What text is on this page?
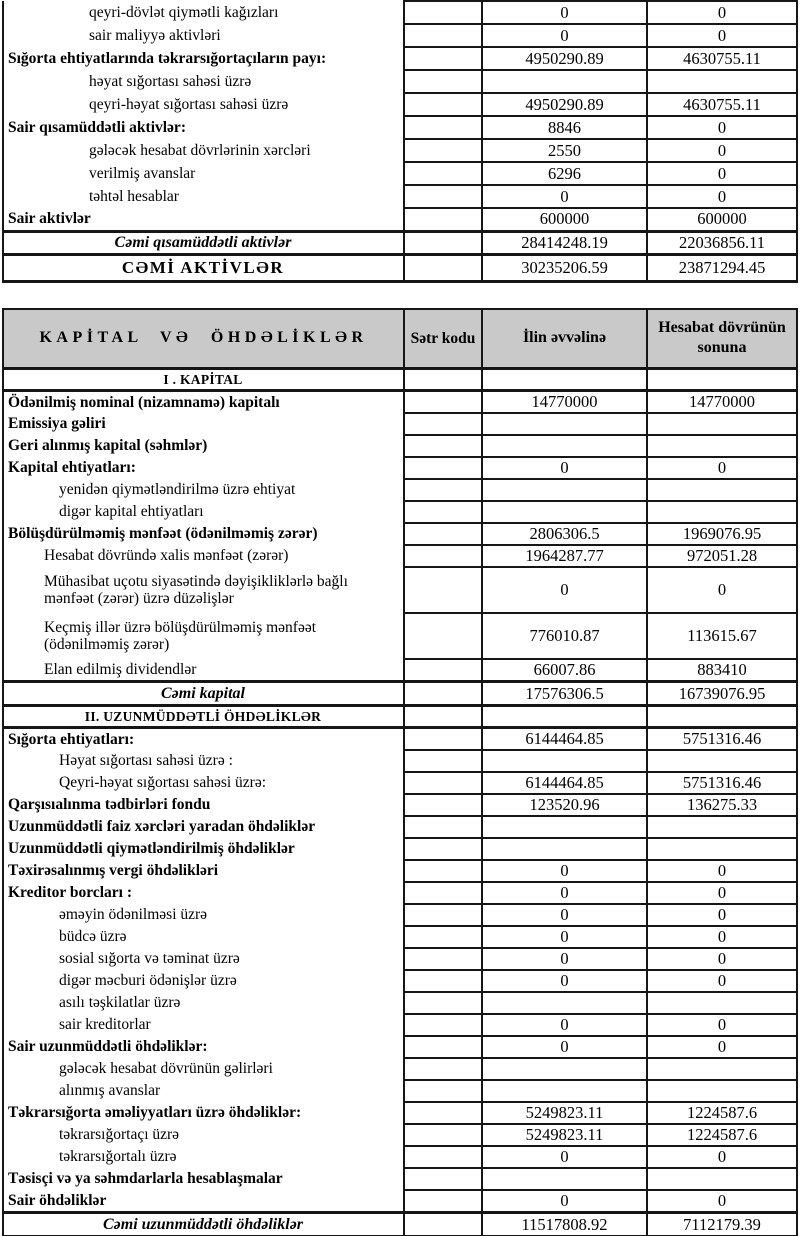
qeyri-dövlət qiymətli kağızları		0	0
sair maliyyə aktivləri		0	0
Sığorta ehtiyatlarında təkrarsığortaçıların payı:		4950290.89	4630755.11
həyat sığortası sahəsi üzrə			
qeyri-həyat sığortası sahəsi üzrə		4950290.89	4630755.11
Sair qısamüddətli aktivlər:		8846	0
gələcək hesabat dövrlərinin xərcləri		2550	0
verilmiş avanslar		6296	0
təhtəl hesablar		0	0
Sair aktivlər		600000	600000
Cəmi qısamüddətli aktivlər		28414248.19	22036856.11
CƏMİ AKTİVLƏR		30235206.59	23871294.45
KAPİTAL VƏ ÖHDƏLİKLƏR	Sətr kodu	İlin əvvəlinə	Hesabat dövrünün sonuna
I . KAPİTAL			
Ödənilmiş nominal (nizamnamə) kapitalı		14770000	14770000
Emissiya gəliri			
Geri alınmış kapital (səhmlər)			
Kapital ehtiyatları:		0	0
yenidən qiymətləndirilmə üzrə ehtiyat			
digər kapital ehtiyatları			
Bölüşdürülməmiş mənfəət (ödənilməmiş zərər)		2806306.5	1969076.95
Hesabat dövründə xalis mənfəət (zərər)		1964287.77	972051.28
Mühasibat uçotu siyasətində dəyişikliklərlə bağlı mənfəət (zərər) üzrə düzəlişlər		0	0
Keçmiş illər üzrə bölüşdürülməmiş mənfəət (ödənilməmiş zərər)		776010.87	113615.67
Elan edilmiş dividendlər		66007.86	883410
Cəmi kapital		17576306.5	16739076.95
II. UZUNMÜDDƏTLİ ÖHDƏLİKLƏR			
Sığorta ehtiyatları:		6144464.85	5751316.46
Həyat sığortası sahəsi üzrə :			
Qeyri-həyat sığortası sahəsi üzrə:		6144464.85	5751316.46
Qarşısıalınma tədbirləri fondu		123520.96	136275.33
Uzunmüddətli faiz xərcləri yaradan öhdəliklər			
Uzunmüddətli qiymətləndirilmiş öhdəliklər			
Təxirəsalınmış vergi öhdəlikləri		0	0
Kreditor borcları :		0	0
əməyin ödənilməsi üzrə		0	0
büdcə üzrə		0	0
sosial sığorta və təminat üzrə		0	0
digər məcburi ödənişlər üzrə		0	0
asılı təşkilatlar üzrə			
sair kreditorlar		0	0
Sair uzunmüddətli öhdəliklər:		0	0
gələcək hesabat dövrünün gəlirləri			
alınmış avanslar			
Təkrarsığorta əməliyyatları üzrə öhdəliklər:		5249823.11	1224587.6
təkrarsığortaçı üzrə		5249823.11	1224587.6
təkrarsığortalı üzrə		0	0
Təsisçi və ya səhmdarlarla hesablaşmalar			
Sair öhdəliklər		0	0
Cəmi uzunmüddətli öhdəliklər		11517808.92	7112179.39
